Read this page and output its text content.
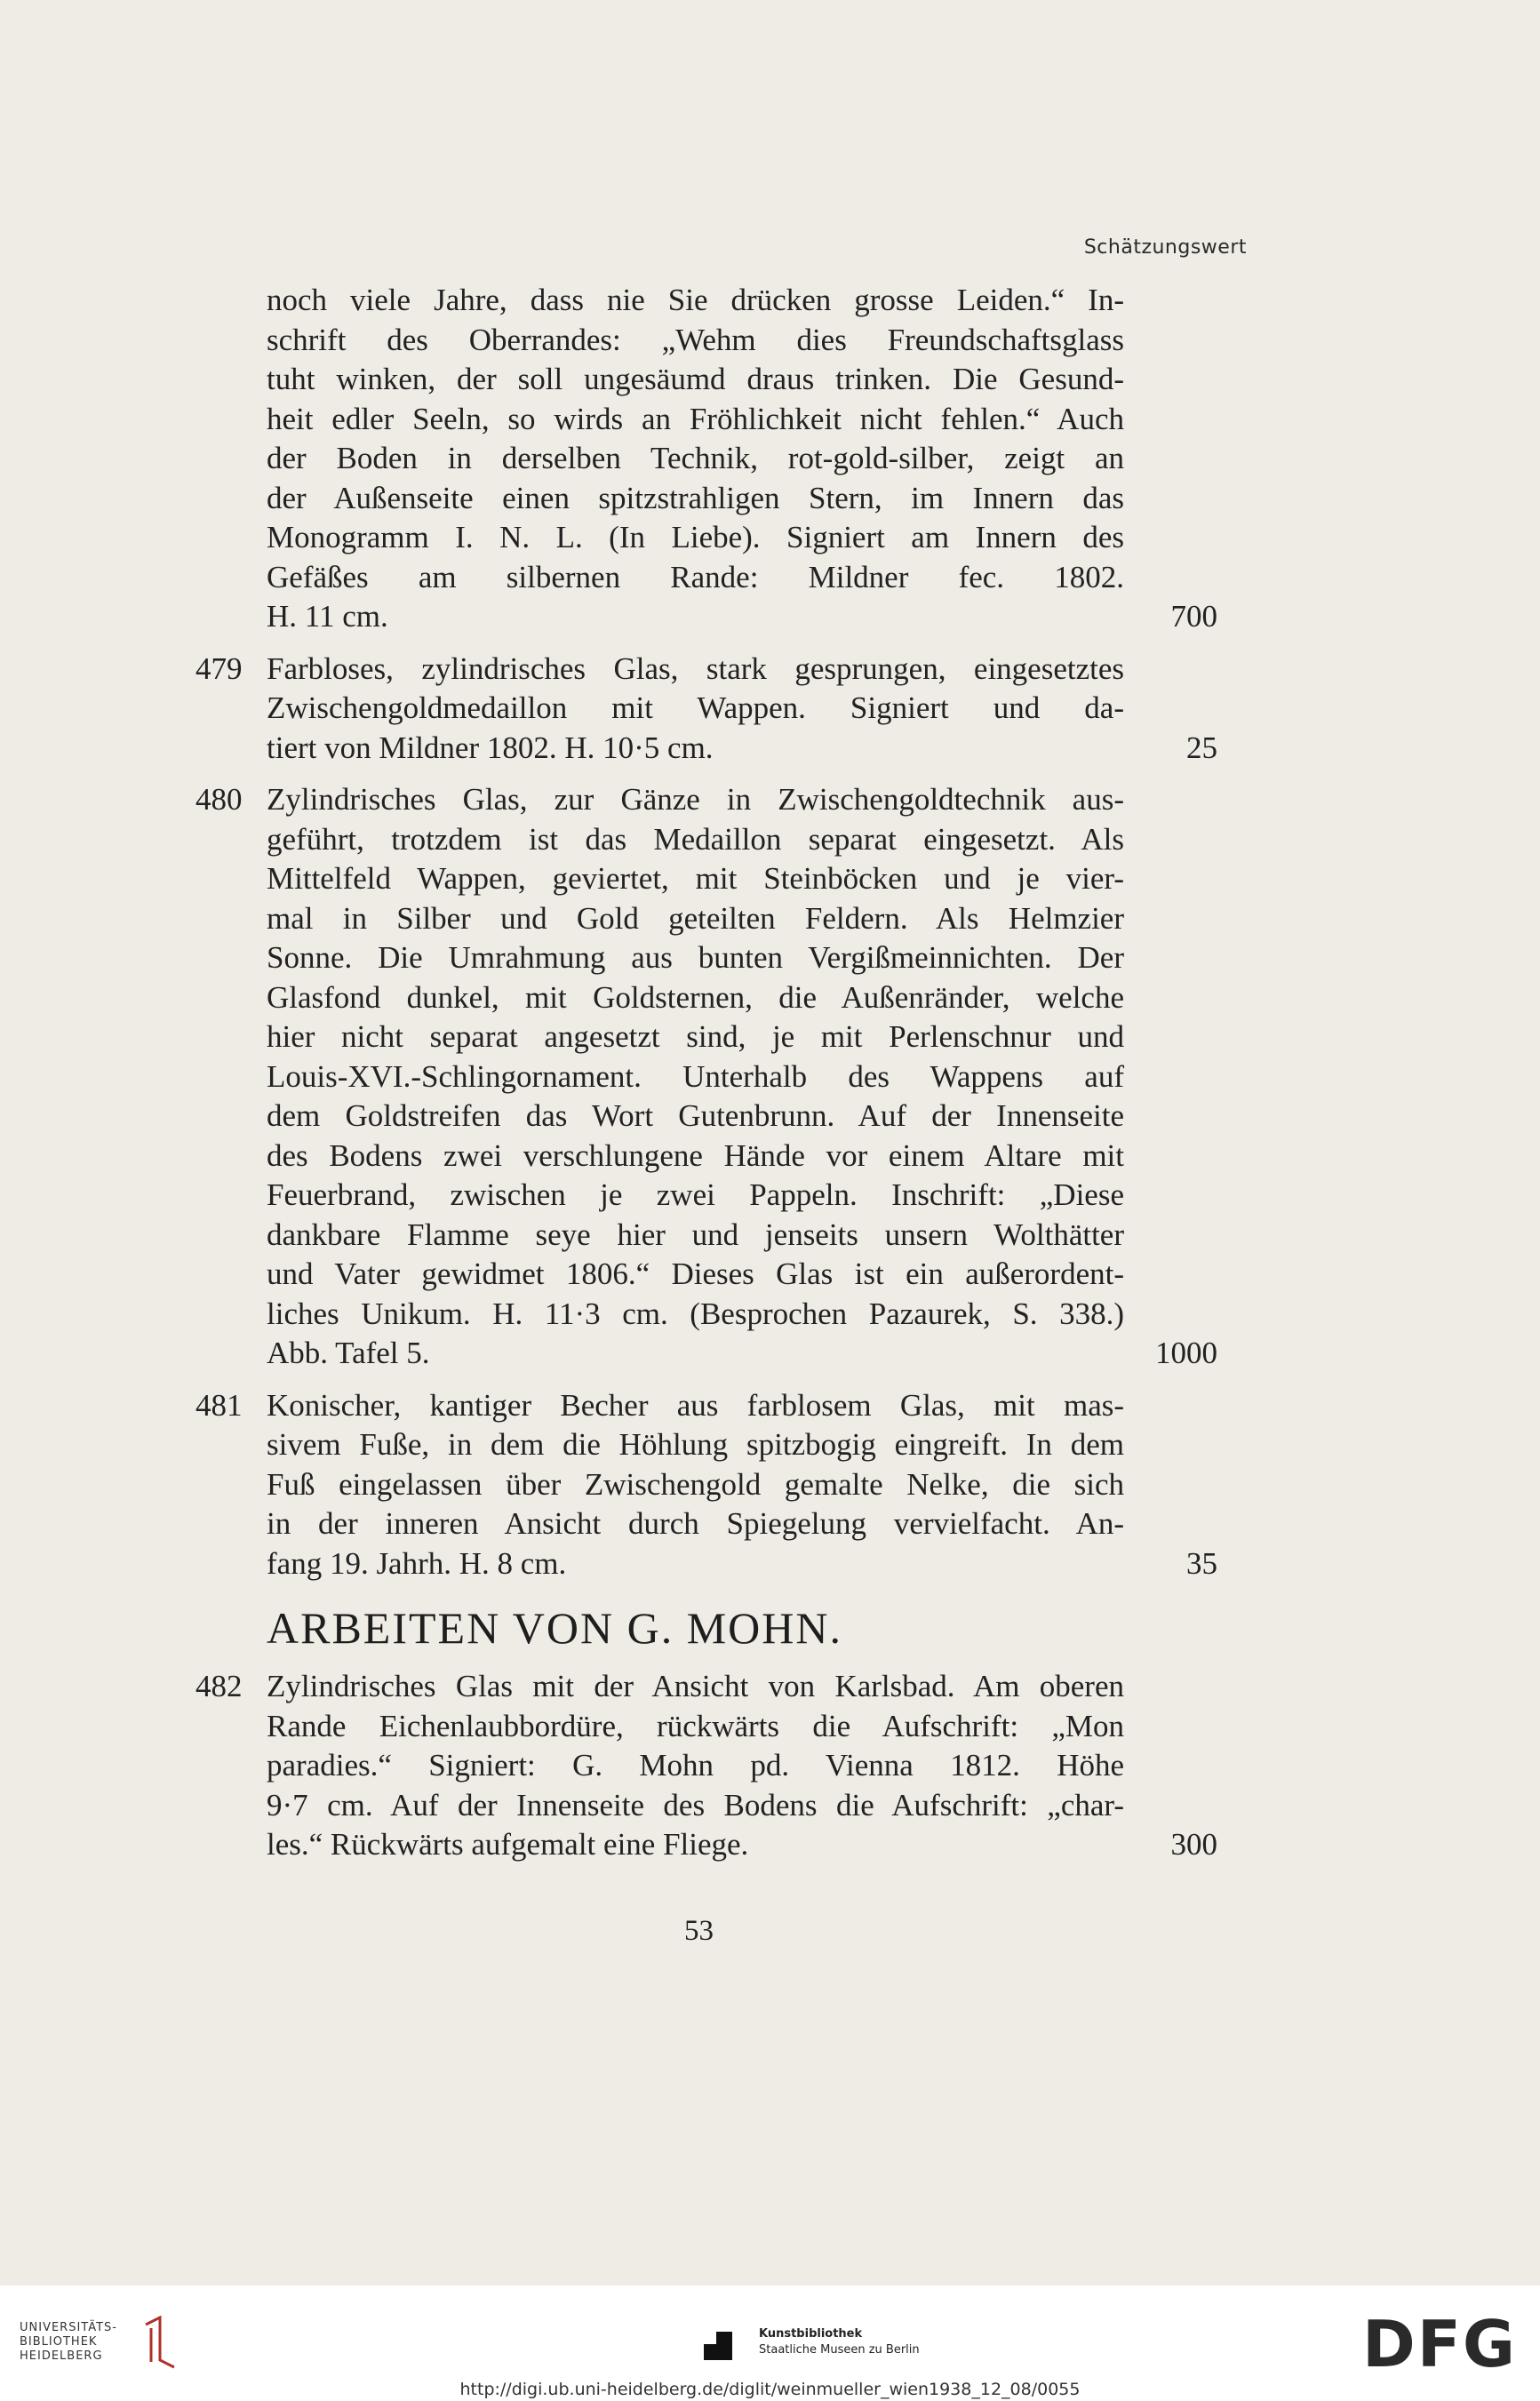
Schätzungswert
noch viele Jahre, dass nie Sie drücken grosse Leiden.“ In-
schrift des Oberrandes: „Wehm dies Freundschaftsglass
tuht winken, der soll ungesäumd draus trinken. Die Gesund-
heit edler Seeln, so wirds an Fröhlichkeit nicht fehlen.“ Auch
der Boden in derselben Technik, rot-gold-silber, zeigt an
der Außenseite einen spitzstrahligen Stern, im Innern das
Monogramm I. N. L. (In Liebe). Signiert am Innern des
Gefäßes am silbernen Rande: Mildner fec. 1802.
H. 11 cm.	700
479 Farbloses, zylindrisches Glas, stark gesprungen, eingesetztes
Zwischengoldmedaillon mit Wappen. Signiert und da-
tiert von Mildner 1802. H. 10·5 cm.	25
480 Zylindrisches Glas, zur Gänze in Zwischengoldtechnik aus-
geführt, trotzdem ist das Medaillon separat eingesetzt. Als
Mittelfeld Wappen, geviertet, mit Steinböcken und je vier-
mal in Silber und Gold geteilten Feldern. Als Helmzier
Sonne. Die Umrahmung aus bunten Vergißmeinnichten. Der
Glasfond dunkel, mit Goldsternen, die Außenränder, welche
hier nicht separat angesetzt sind, je mit Perlenschnur und
Louis-XVI.-Schlingornament. Unterhalb des Wappens auf
dem Goldstreifen das Wort Gutenbrunn. Auf der Innenseite
des Bodens zwei verschlungene Hände vor einem Altare mit
Feuerbrand, zwischen je zwei Pappeln. Inschrift: „Diese
dankbare Flamme seye hier und jenseits unsern Wolthätter
und Vater gewidmet 1806.“ Dieses Glas ist ein außerordent-
liches Unikum. H. 11·3 cm. (Besprochen Pazaurek, S. 338.)
Abb. Tafel 5.	1000
481 Konischer, kantiger Becher aus farblosem Glas, mit mas-
sivem Fuße, in dem die Höhlung spitzbogig eingreift. In dem
Fuß eingelassen über Zwischengold gemalte Nelke, die sich
in der inneren Ansicht durch Spiegelung vervielfacht. An-
fang 19. Jahrh. H. 8 cm.	35
ARBEITEN VON G. MOHN.
482 Zylindrisches Glas mit der Ansicht von Karlsbad. Am oberen
Rande Eichenlaubbordüre, rückwärts die Aufschrift: „Mon
paradies.“ Signiert: G. Mohn pd. Vienna 1812. Höhe
9·7 cm. Auf der Innenseite des Bodens die Aufschrift: „char-
les.“ Rückwärts aufgemalt eine Fliege.	300
53
UNIVERSITÄTS-
BIBLIOTHEK
HEIDELBERG
Kunstbibliothek
Staatliche Museen zu Berlin	DFG
http://digi.ub.uni-heidelberg.de/diglit/weinmueller_wien1938_12_08/0055
